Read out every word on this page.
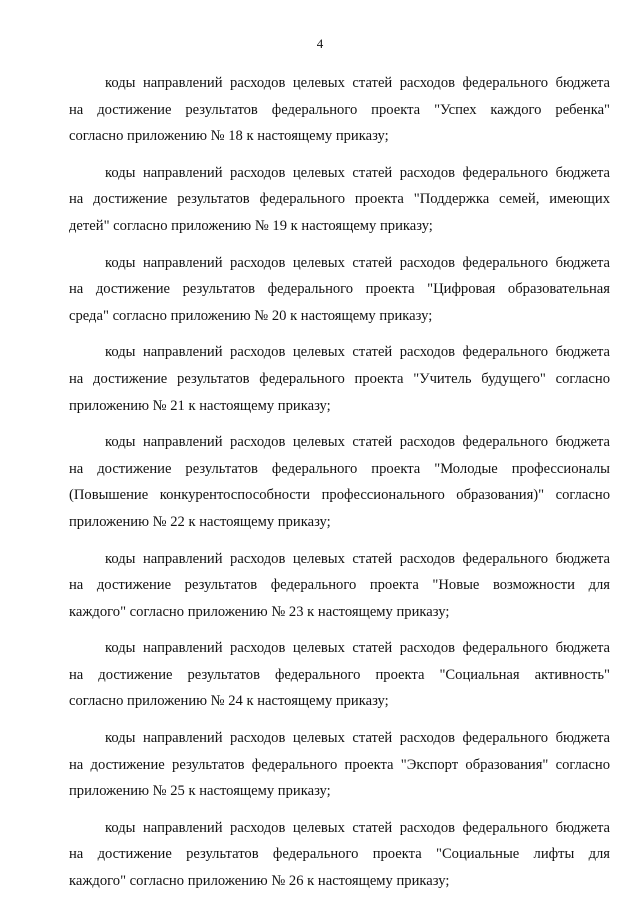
4

коды направлений расходов целевых статей расходов федерального бюджета
на достижение результатов федерального проекта "Успех каждого ребенка"
согласно приложению № 18 к настоящему приказу;

коды направлений расходов целевых статей расходов федерального бюджета
на достижение результатов федерального проекта "Поддержка семей, имеющих
детей" согласно приложению № 19 к настоящему приказу;

коды направлений расходов целевых статей расходов федерального бюджета
на достижение результатов федерального проекта "Цифровая образовательная
среда" согласно приложению № 20 к настоящему приказу;

коды направлений расходов целевых статей расходов федерального бюджета
на достижение результатов федерального проекта "Учитель будущего" согласно
приложению № 21 к настоящему приказу;

коды направлений расходов целевых статей расходов федерального бюджета
на достижение результатов федерального проекта "Молодые профессионалы
(Повышение конкурентоспособности профессионального образования)" согласно
приложению № 22 к настоящему приказу;

коды направлений расходов целевых статей расходов федерального бюджета
на достижение результатов федерального проекта "Новые возможности для
каждого" согласно приложению № 23 к настоящему приказу;

коды направлений расходов целевых статей расходов федерального бюджета
на достижение результатов федерального проекта "Социальная активность"
согласно приложению № 24 к настоящему приказу;

коды направлений расходов целевых статей расходов федерального бюджета
на достижение результатов федерального проекта "Экспорт образования" согласно
приложению № 25 к настоящему приказу;

коды направлений расходов целевых статей расходов федерального бюджета
на достижение результатов федерального проекта "Социальные лифты для
каждого" согласно приложению № 26 к настоящему приказу;
